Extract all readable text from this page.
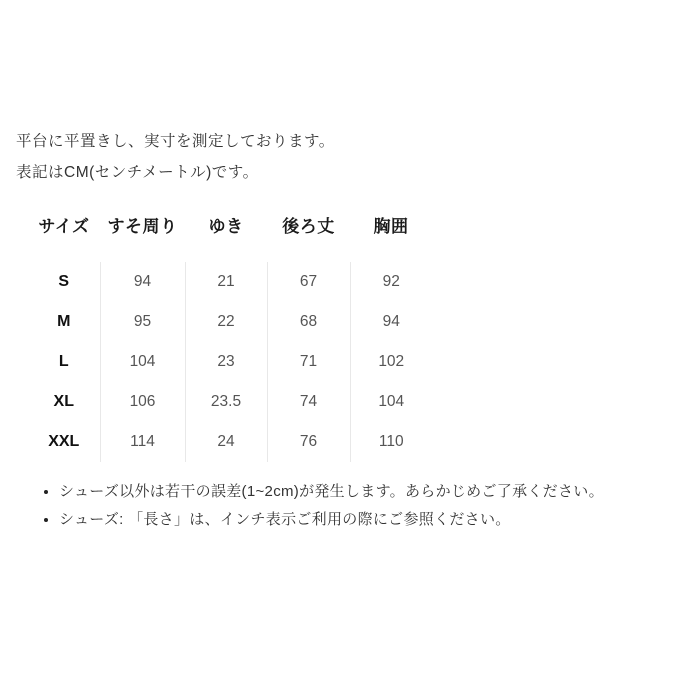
平台に平置きし、実寸を測定しております。
表記はCM(センチメートル)です。
サイズ	すそ周り	ゆき	後ろ丈	胸囲
S	94	21	67	92
M	95	22	68	94
L	104	23	71	102
XL	106	23.5	74	104
XXL	114	24	76	110
• シューズ以外は若干の誤差(1~2cm)が発生します。あらかじめご了承ください。
• シューズ: 「長さ」は、インチ表示ご利用の際にご参照ください。
